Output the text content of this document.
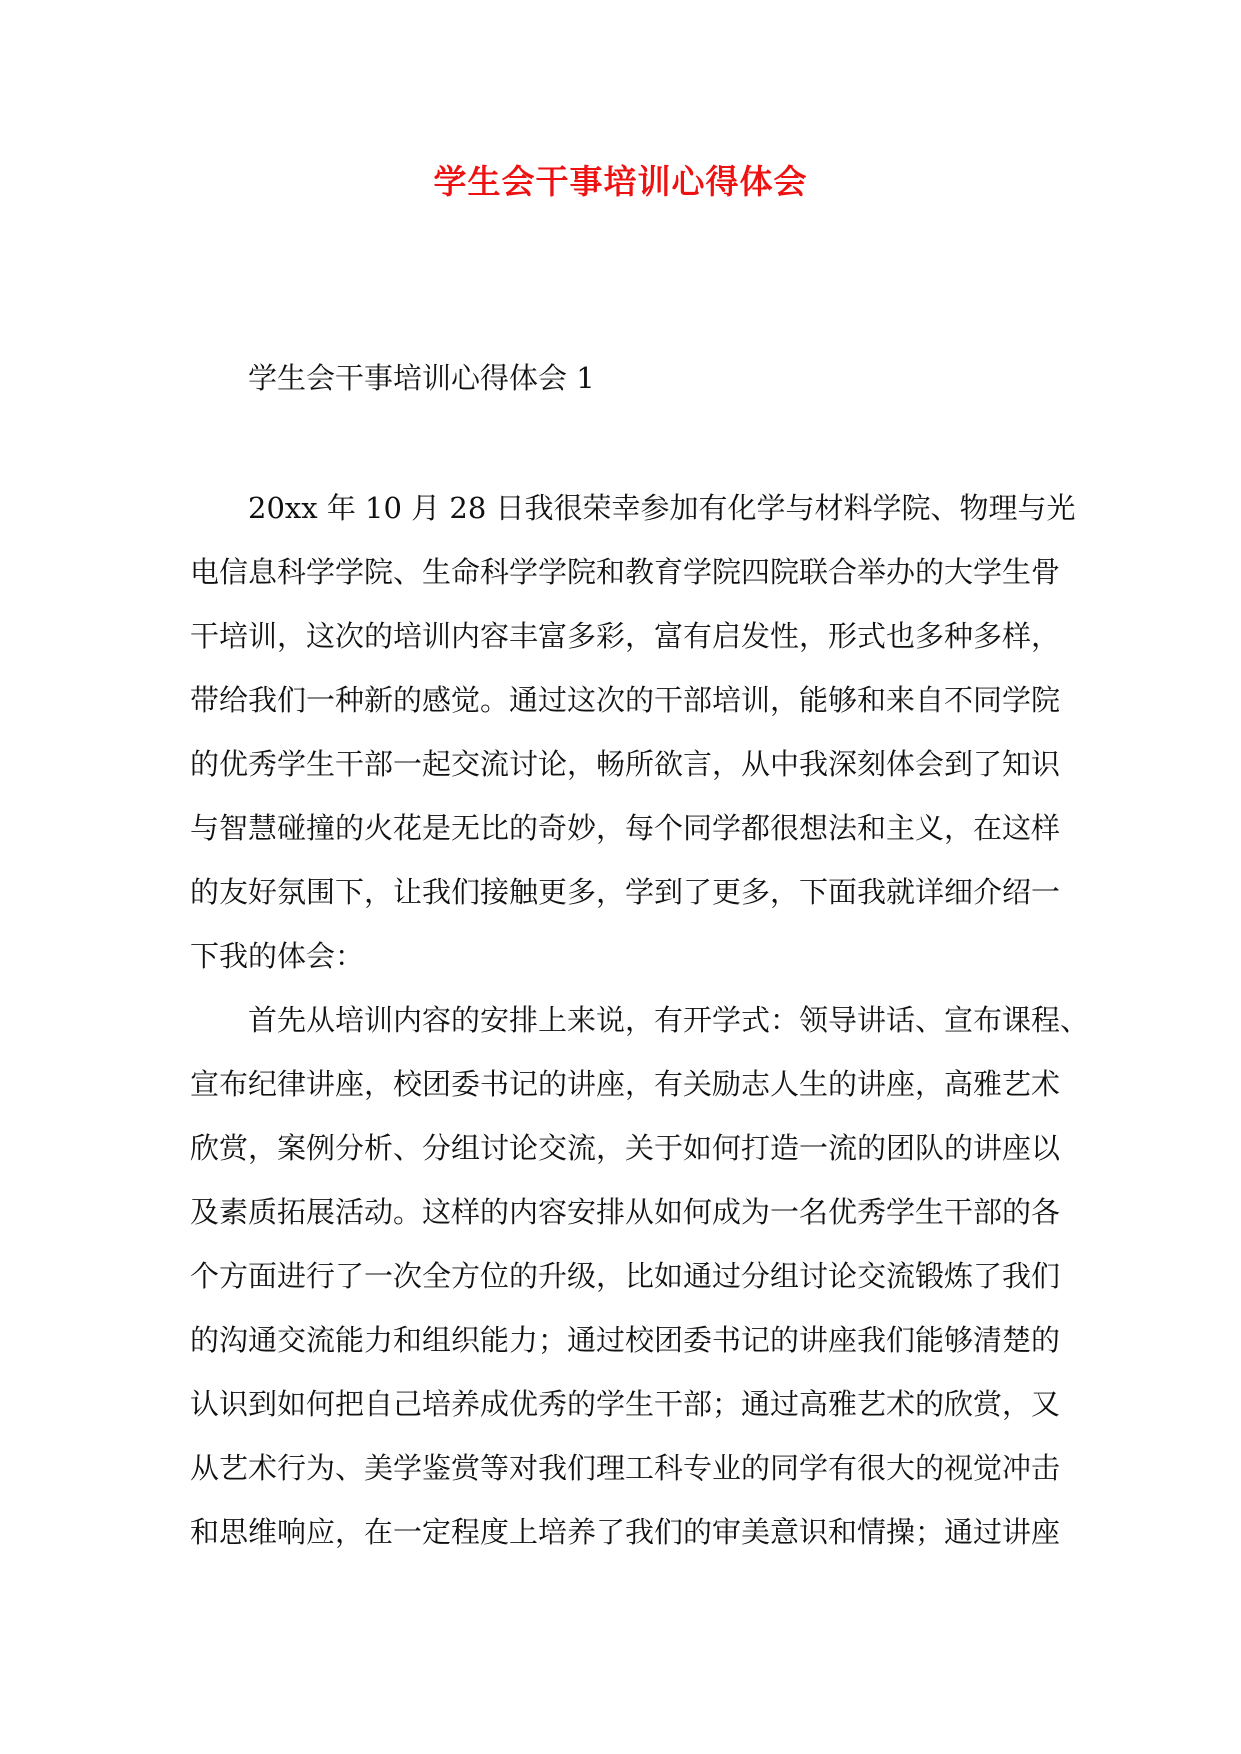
学生会干事培训心得体会
学生会干事培训心得体会 1
20xx 年 10 月 28 日我很荣幸参加有化学与材料学院、物理与光
电信息科学学院、生命科学学院和教育学院四院联合举办的大学生骨
干培训，这次的培训内容丰富多彩，富有启发性，形式也多种多样，
带给我们一种新的感觉。通过这次的干部培训，能够和来自不同学院
的优秀学生干部一起交流讨论，畅所欲言，从中我深刻体会到了知识
与智慧碰撞的火花是无比的奇妙，每个同学都很想法和主义，在这样
的友好氛围下，让我们接触更多，学到了更多，下面我就详细介绍一
下我的体会：
首先从培训内容的安排上来说，有开学式：领导讲话、宣布课程、
宣布纪律讲座，校团委书记的讲座，有关励志人生的讲座，高雅艺术
欣赏，案例分析、分组讨论交流，关于如何打造一流的团队的讲座以
及素质拓展活动。这样的内容安排从如何成为一名优秀学生干部的各
个方面进行了一次全方位的升级，比如通过分组讨论交流锻炼了我们
的沟通交流能力和组织能力；通过校团委书记的讲座我们能够清楚的
认识到如何把自己培养成优秀的学生干部；通过高雅艺术的欣赏，又
从艺术行为、美学鉴赏等对我们理工科专业的同学有很大的视觉冲击
和思维响应，在一定程度上培养了我们的审美意识和情操；通过讲座
